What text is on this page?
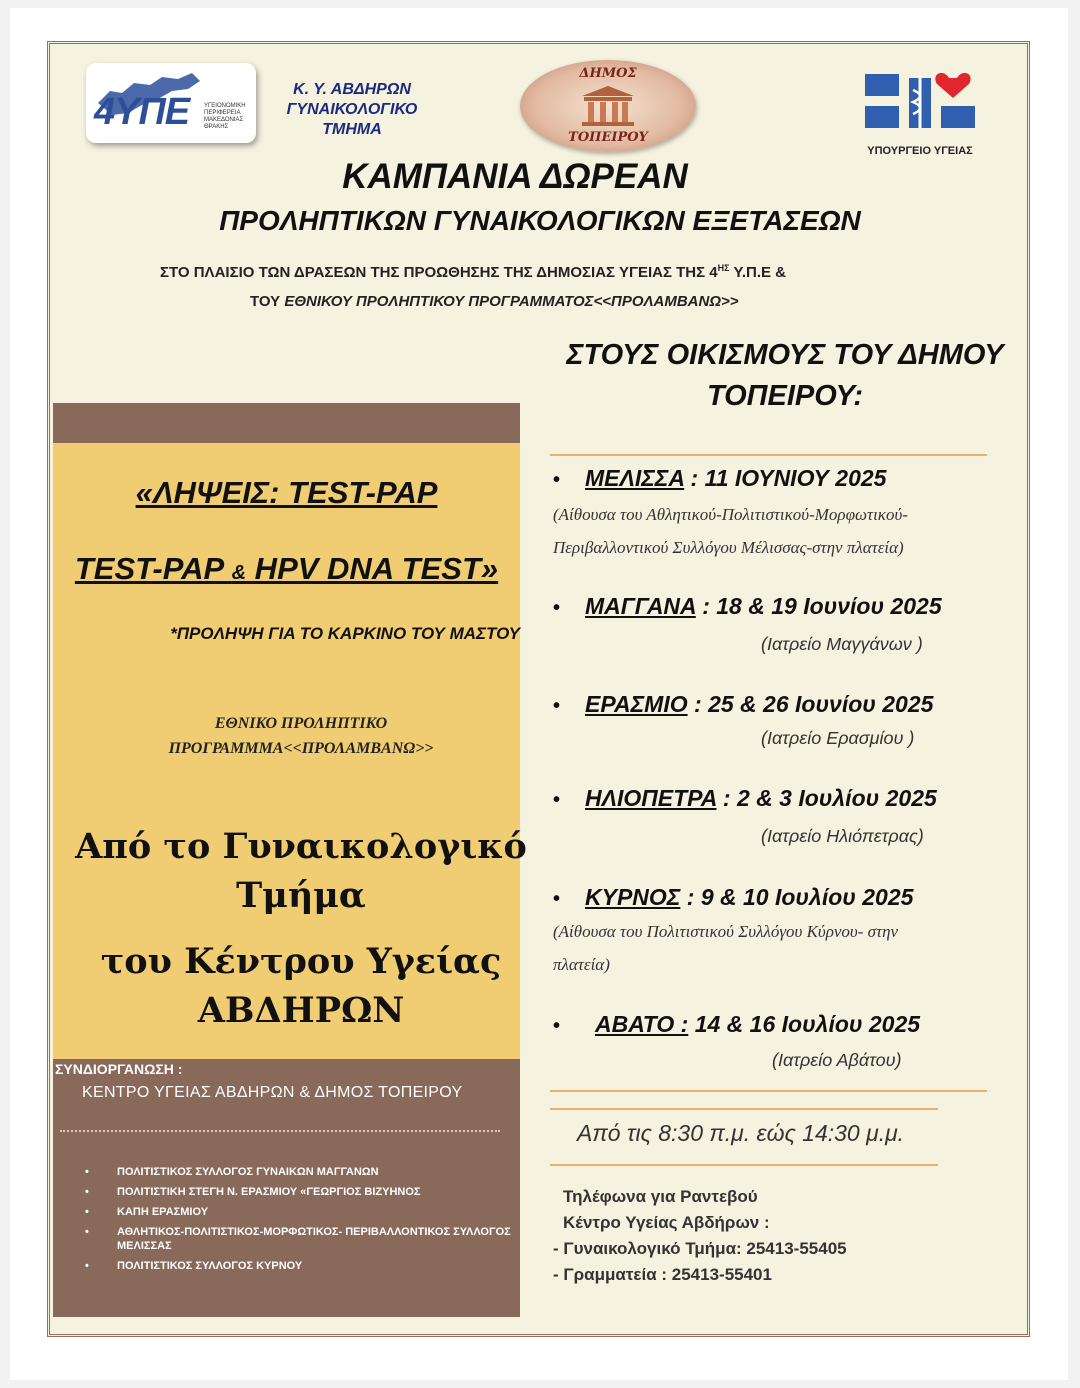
4ΥΠΕ ΥΓΕΙΟΝΟΜΙΚΗ ΠΕΡΙΦΕΡΕΙΑ ΜΑΚΕΔΟΝΙΑΣ ΘΡΑΚΗΣ
Κ. Υ. ΑΒΔΗΡΩΝ
ΓΥΝΑΙΚΟΛΟΓΙΚΟ
ΤΜΗΜΑ
ΔΗΜΟΣ
ΤΟΠΕΙΡΟΥ
ΥΠΟΥΡΓΕΙΟ ΥΓΕΙΑΣ
ΚΑΜΠΑΝΙΑ ΔΩΡΕΑΝ
ΠΡΟΛΗΠΤΙΚΩΝ ΓΥΝΑΙΚΟΛΟΓΙΚΩΝ ΕΞΕΤΑΣΕΩΝ
ΣΤΟ ΠΛΑΙΣΙΟ ΤΩΝ ΔΡΑΣΕΩΝ ΤΗΣ ΠΡΟΩΘΗΣΗΣ ΤΗΣ ΔΗΜΟΣΙΑΣ ΥΓΕΙΑΣ ΤΗΣ $4^{H\Sigma}$ Υ.Π.Ε &
ΤΟΥ ΕΘΝΙΚΟΥ ΠΡΟΛΗΠΤΙΚΟΥ ΠΡΟΓΡΑΜΜΑΤΟΣ<<ΠΡΟΛΑΜΒΑΝΩ>>
ΣΤΟΥΣ ΟΙΚΙΣΜΟΥΣ ΤΟΥ ΔΗΜΟΥ
ΤΟΠΕΙΡΟΥ:
«ΛΗΨΕΙΣ: TEST-PAP
TEST-PAP & HPV DNA TEST»
*ΠΡΟΛΗΨΗ ΓΙΑ ΤΟ ΚΑΡΚΙΝΟ ΤΟΥ ΜΑΣΤΟΥ
ΕΘΝΙΚΟ ΠΡΟΛΗΠΤΙΚΟ
ΠΡΟΓΡΑΜΜΜΑ<<ΠΡΟΛΑΜΒΑΝΩ>>
Από το Γυναικολογικό
Τμήμα
του Κέντρου Υγείας
ΑΒΔΗΡΩΝ
ΣΥΝΔΙΟΡΓΑΝΩΣΗ :
ΚΕΝΤΡΟ ΥΓΕΙΑΣ ΑΒΔΗΡΩΝ & ΔΗΜΟΣ ΤΟΠΕΙΡΟΥ
• ΠΟΛΙΤΙΣΤΙΚΟΣ ΣΥΛΛΟΓΟΣ ΓΥΝΑΙΚΩΝ ΜΑΓΓΑΝΩΝ
• ΠΟΛΙΤΙΣΤΙΚΗ ΣΤΕΓΗ Ν. ΕΡΑΣΜΙΟΥ «ΓΕΩΡΓΙΟΣ ΒΙΖΥΗΝΟΣ
• ΚΑΠΗ ΕΡΑΣΜΙΟΥ
• ΑΘΛΗΤΙΚΟΣ-ΠΟΛΙΤΙΣΤΙΚΟΣ-ΜΟΡΦΩΤΙΚΟΣ- ΠΕΡΙΒΑΛΛΟΝΤΙΚΟΣ ΣΥΛΛΟΓΟΣ ΜΕΛΙΣΣΑΣ
• ΠΟΛΙΤΙΣΤΙΚΟΣ ΣΥΛΛΟΓΟΣ ΚΥΡΝΟΥ
• ΜΕΛΙΣΣΑ : 11 ΙΟΥΝΙΟΥ 2025
(Αίθουσα του Αθλητικού-Πολιτιστικού-Μορφωτικού-
Περιβαλλοντικού Συλλόγου Μέλισσας-στην πλατεία)
• ΜΑΓΓΑΝΑ : 18 & 19 Ιουνίου 2025
(Ιατρείο Μαγγάνων )
• ΕΡΑΣΜΙΟ : 25 & 26 Ιουνίου 2025
(Ιατρείο Ερασμίου )
• ΗΛΙΟΠΕΤΡΑ : 2 & 3 Ιουλίου 2025
(Ιατρείο Ηλιόπετρας)
• ΚΥΡΝΟΣ : 9 & 10 Ιουλίου 2025
(Αίθουσα του Πολιτιστικού Συλλόγου Κύρνου- στην
πλατεία)
• ΑΒΑΤΟ : 14 & 16 Ιουλίου 2025
(Ιατρείο Αβάτου)
Από τις 8:30 π.μ. εώς 14:30 μ.μ.
Τηλέφωνα για Ραντεβού
Κέντρο Υγείας Αβδήρων :
- Γυναικολογικό Τμήμα: 25413-55405
- Γραμματεία : 25413-55401
